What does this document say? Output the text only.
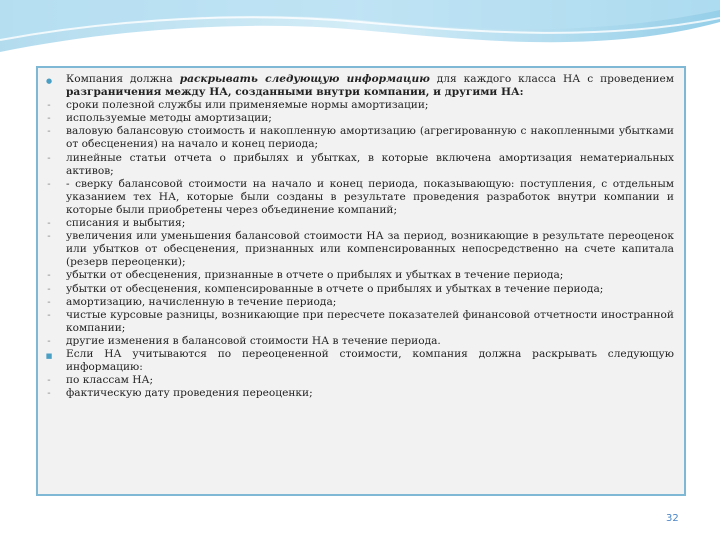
● Компания должна раскрывать следующую информацию для каждого класса НА с проведением разграничения между НА, созданными внутри компании, и другими НА:
-	сроки полезной службы или применяемые нормы амортизации;
-	используемые методы амортизации;
-	валовую балансовую стоимость и накопленную амортизацию (агрегированную с накопленными убытками от обесценения) на начало и конец периода;
-	линейные статьи отчета о прибылях и убытках, в которые включена амортизация нематериальных активов;
-	- сверку балансовой стоимости на начало и конец периода, показывающую: поступления, с отдельным указанием тех НА, которые были созданы в результате проведения разработок внутри компании и которые были приобретены через объединение компаний;
-	списания и выбытия;
-	увеличения или уменьшения балансовой стоимости НА за период, возникающие в результате переоценок или убытков от обесценения, признанных или компенсированных непосредственно на счете капитала (резерв переоценки);
-	убытки от обесценения, признанные в отчете о прибылях и убытках в течение периода;
-	убытки от обесценения, компенсированные в отчете о прибылях и убытках в течение периода;
-	амортизацию, начисленную в течение периода;
-	чистые курсовые разницы, возникающие при пересчете показателей финансовой отчетности иностранной компании;
-	другие изменения в балансовой стоимости НА в течение периода.
■ Если НА учитываются по переоцененной стоимости, компания должна раскрывать следующую информацию:
-	по классам НА;
-	фактическую дату проведения переоценки;
32
